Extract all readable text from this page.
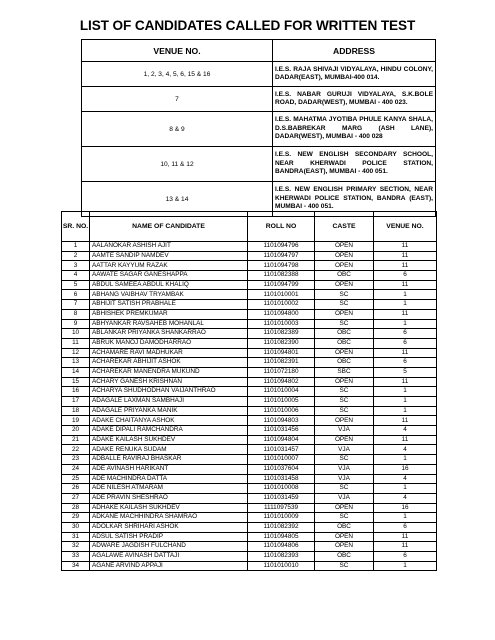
LIST OF CANDIDATES CALLED FOR WRITTEN TEST
VENUE NO.	ADDRESS
1, 2, 3, 4, 5, 6, 15 & 16	I.E.S. RAJA SHIVAJI VIDYALAYA, HINDU COLONY, DADAR(EAST), MUMBAI-400 014.
7	I.E.S. NABAR GURUJI VIDYALAYA, S.K.BOLE ROAD, DADAR(WEST), MUMBAI - 400 023.
8 & 9	I.E.S. MAHATMA JYOTIBA PHULE KANYA SHALA, D.S.BABREKAR MARG (ASH LANE), DADAR(WEST), MUMBAI - 400 028
10, 11 & 12	I.E.S. NEW ENGLISH SECONDARY SCHOOL, NEAR KHERWADI POLICE STATION, BANDRA(EAST), MUMBAI - 400 051.
13 & 14	I.E.S. NEW ENGLISH PRIMARY SECTION, NEAR KHERWADI POLICE STATION, BANDRA (EAST), MUMBAI - 400 051.
SR. NO.	NAME OF CANDIDATE	ROLL NO	CASTE	VENUE NO.
1	AALANOKAR ASHISH AJIT	1101094796	OPEN	11
2	AAMTE SANDIP NAMDEV	1101094797	OPEN	11
3	AATTAR KAYYUM RAZAK	1101094798	OPEN	11
4	AAWATE SAGAR GANESHAPPA	1101082388	OBC	6
5	ABDUL SAMEEA ABDUL KHALIQ	1101094799	OPEN	11
6	ABHANG VAIBHAV TRYAMBAK	1101010001	SC	1
7	ABHIJIT SATISH PRABHALE	1101010002	SC	1
8	ABHISHEK PREMKUMAR	1101094800	OPEN	11
9	ABHYANKAR RAVSAHEB MOHANLAL	1101010003	SC	1
10	ABLANKAR PRIYANKA SHANKARRAO	1101082389	OBC	6
11	ABRUK MANOJ DAMODHARRAO	1101082390	OBC	6
12	ACHAMARE RAVI MADHUKAR	1101094801	OPEN	11
13	ACHAREKAR ABHIJIT ASHOK	1101082391	OBC	6
14	ACHAREKAR MANENDRA MUKUND	1101072180	SBC	5
15	ACHARY GANESH KRISHNAN	1101094802	OPEN	11
16	ACHARYA SHUDHODHAN VAIJANTHRAO	1101010004	SC	1
17	ADAGALE LAXMAN SAMBHAJI	1101010005	SC	1
18	ADAGALE PRIYANKA MANIK	1101010006	SC	1
19	ADAKE CHAITANYA ASHOK	1101094803	OPEN	11
20	ADAKE DIPALI RAMCHANDRA	1101031456	VJA	4
21	ADAKE KAILASH SUKHDEV	1101094804	OPEN	11
22	ADAKE RENUKA SUDAM	1101031457	VJA	4
23	ADBALLE RAVIRAJ BHASKAR	1101010007	SC	1
24	ADE AVINASH HARIKANT	1101037604	VJA	16
25	ADE MACHINDRA DATTA	1101031458	VJA	4
26	ADE NILESH ATMARAM	1101010008	SC	1
27	ADE PRAVIN SHESHRAO	1101031459	VJA	4
28	ADHAKE KAILASH SUKHDEV	1111097539	OPEN	16
29	ADKANE MACHHINDRA SHAMRAO	1101010009	SC	1
30	ADOLKAR SHRIHARI ASHOK	1101082392	OBC	6
31	ADSUL SATISH PRADIP	1101094805	OPEN	11
32	ADWARE JAGDISH FULCHAND	1101094806	OPEN	11
33	AGALAWE AVINASH DATTAJI	1101082393	OBC	6
34	AGANE ARVIND APPAJI	1101010010	SC	1
